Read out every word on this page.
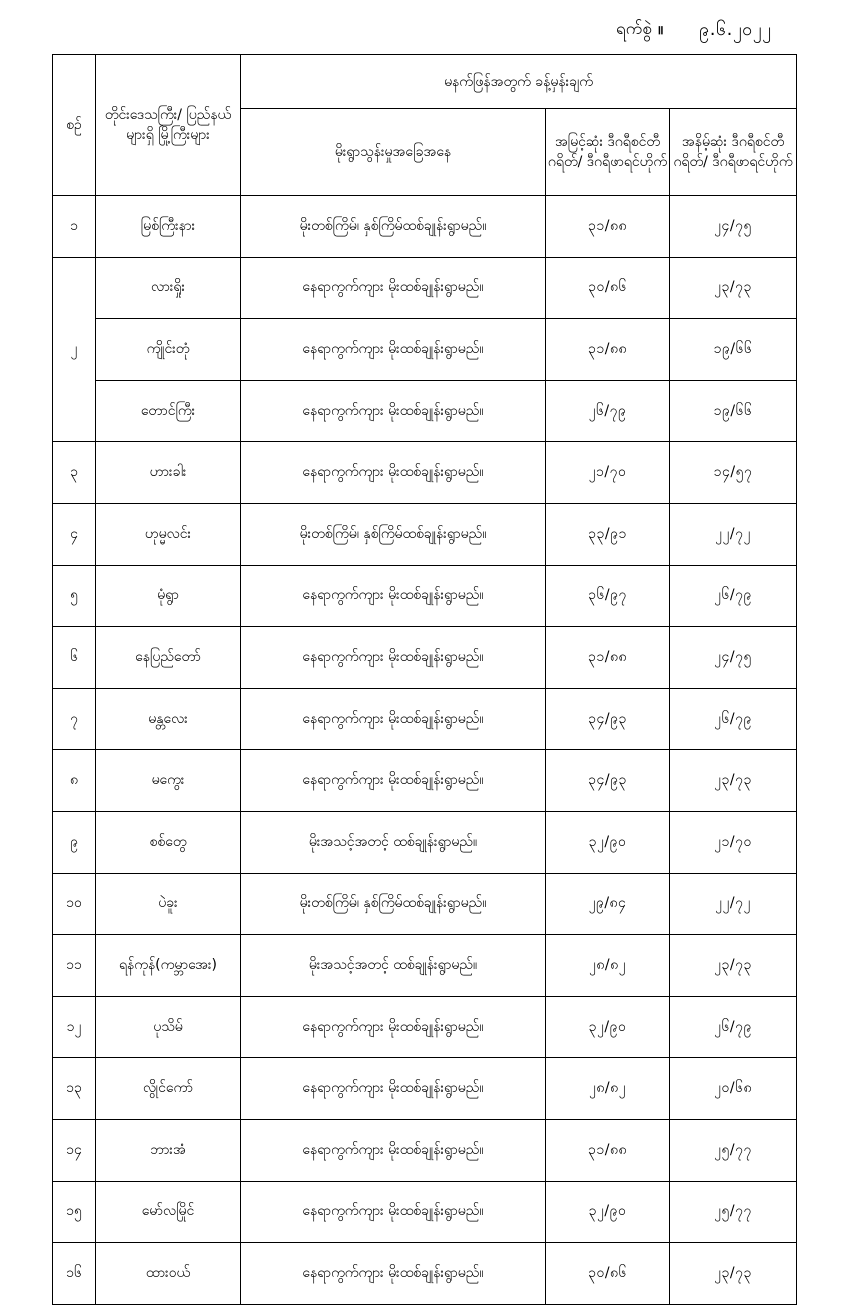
ရက်စွဲ ။ ၉.၆.၂၀၂၂
စဉ်	တိုင်းဒေသကြီး/ ပြည်နယ်များရှိ မြို့ကြီးများ	မနက်ဖြန်အတွက် ခန့်မှန်းချက်		
		မိုးရွာသွန်းမှုအခြေအနေ	အမြင့်ဆုံး ဒီဂရီစင်တီဂရိတ်/ ဒီဂရီဖာရင်ဟိုက်	အနိမ့်ဆုံး ဒီဂရီစင်တီဂရိတ်/ ဒီဂရီဖာရင်ဟိုက်
၁	မြစ်ကြီးနား	မိုးတစ်ကြိမ်၊ နှစ်ကြိမ်ထစ်ချုန်းရွာမည်။	၃၁/၈၈	၂၄/၇၅
၂	လားရှိုး	နေရာကွက်ကျား မိုးထစ်ချုန်းရွာမည်။	၃၀/၈၆	၂၃/၇၃
	ကျိုင်းတုံ	နေရာကွက်ကျား မိုးထစ်ချုန်းရွာမည်။	၃၁/၈၈	၁၉/၆၆
	တောင်ကြီး	နေရာကွက်ကျား မိုးထစ်ချုန်းရွာမည်။	၂၆/၇၉	၁၉/၆၆
၃	ဟားခါး	နေရာကွက်ကျား မိုးထစ်ချုန်းရွာမည်။	၂၁/၇၀	၁၄/၅၇
၄	ဟုမ္မလင်း	မိုးတစ်ကြိမ်၊ နှစ်ကြိမ်ထစ်ချုန်းရွာမည်။	၃၃/၉၁	၂၂/၇၂
၅	မုံရွာ	နေရာကွက်ကျား မိုးထစ်ချုန်းရွာမည်။	၃၆/၉၇	၂၆/၇၉
၆	နေပြည်တော်	နေရာကွက်ကျား မိုးထစ်ချုန်းရွာမည်။	၃၁/၈၈	၂၄/၇၅
၇	မန္တလေး	နေရာကွက်ကျား မိုးထစ်ချုန်းရွာမည်။	၃၄/၉၃	၂၆/၇၉
၈	မကွေး	နေရာကွက်ကျား မိုးထစ်ချုန်းရွာမည်။	၃၄/၉၃	၂၃/၇၃
၉	စစ်တွေ	မိုးအသင့်အတင့် ထစ်ချုန်းရွာမည်။	၃၂/၉၀	၂၁/၇၀
၁၀	ပဲခူး	မိုးတစ်ကြိမ်၊ နှစ်ကြိမ်ထစ်ချုန်းရွာမည်။	၂၉/၈၄	၂၂/၇၂
၁၁	ရန်ကုန်(ကမ္ဘာအေး)	မိုးအသင့်အတင့် ထစ်ချုန်းရွာမည်။	၂၈/၈၂	၂၃/၇၃
၁၂	ပုသိမ်	နေရာကွက်ကျား မိုးထစ်ချုန်းရွာမည်။	၃၂/၉၀	၂၆/၇၉
၁၃	လွိုင်ကော်	နေရာကွက်ကျား မိုးထစ်ချုန်းရွာမည်။	၂၈/၈၂	၂၀/၆၈
၁၄	ဘားအံ	နေရာကွက်ကျား မိုးထစ်ချုန်းရွာမည်။	၃၁/၈၈	၂၅/၇၇
၁၅	မော်လမြိုင်	နေရာကွက်ကျား မိုးထစ်ချုန်းရွာမည်။	၃၂/၉၀	၂၅/၇၇
၁၆	ထားဝယ်	နေရာကွက်ကျား မိုးထစ်ချုန်းရွာမည်။	၃၀/၈၆	၂၃/၇၃
